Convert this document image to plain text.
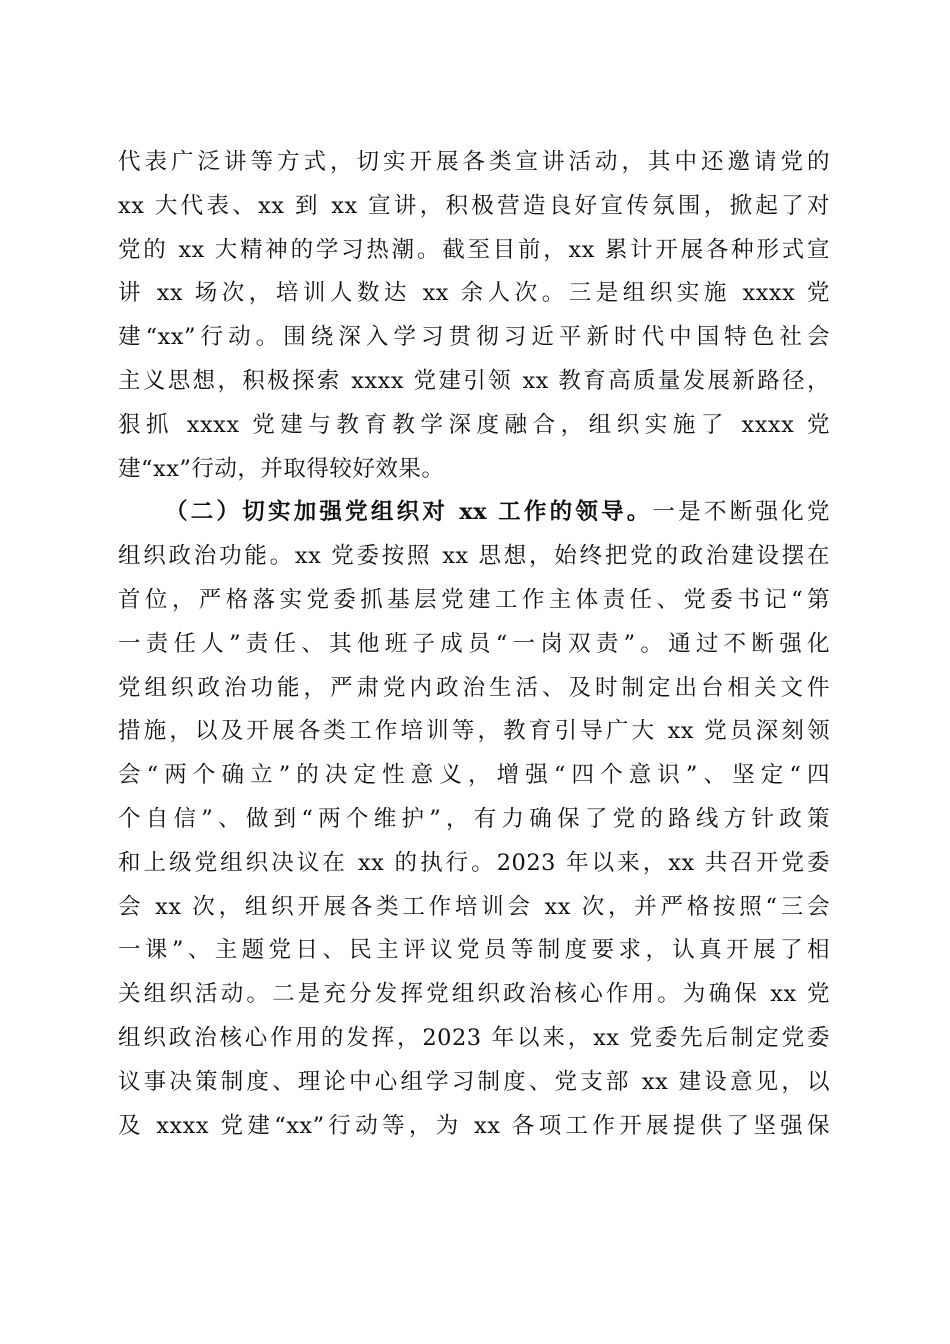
代表广泛讲等方式，切实开展各类宣讲活动，其中还邀请党的
xx 大代表、xx 到 xx 宣讲，积极营造良好宣传氛围，掀起了对
党的 xx 大精神的学习热潮。截至目前，xx 累计开展各种形式宣
讲 xx 场次，培训人数达 xx 余人次。三是组织实施 xxxx 党
建“xx”行动。围绕深入学习贯彻习近平新时代中国特色社会
主义思想，积极探索 xxxx 党建引领 xx 教育高质量发展新路径，
狠抓 xxxx 党建与教育教学深度融合，组织实施了 xxxx 党
建“xx”行动，并取得较好效果。
（二）切实加强党组织对 xx 工作的领导。一是不断强化党
组织政治功能。xx 党委按照 xx 思想，始终把党的政治建设摆在
首位，严格落实党委抓基层党建工作主体责任、党委书记“第
一责任人”责任、其他班子成员“一岗双责”。通过不断强化
党组织政治功能，严肃党内政治生活、及时制定出台相关文件
措施，以及开展各类工作培训等，教育引导广大 xx 党员深刻领
会“两个确立”的决定性意义，增强“四个意识”、坚定“四
个自信”、做到“两个维护”，有力确保了党的路线方针政策
和上级党组织决议在 xx 的执行。2023 年以来，xx 共召开党委
会 xx 次，组织开展各类工作培训会 xx 次，并严格按照“三会
一课”、主题党日、民主评议党员等制度要求，认真开展了相
关组织活动。二是充分发挥党组织政治核心作用。为确保 xx 党
组织政治核心作用的发挥，2023 年以来，xx 党委先后制定党委
议事决策制度、理论中心组学习制度、党支部 xx 建设意见，以
及 xxxx 党建“xx”行动等，为 xx 各项工作开展提供了坚强保
